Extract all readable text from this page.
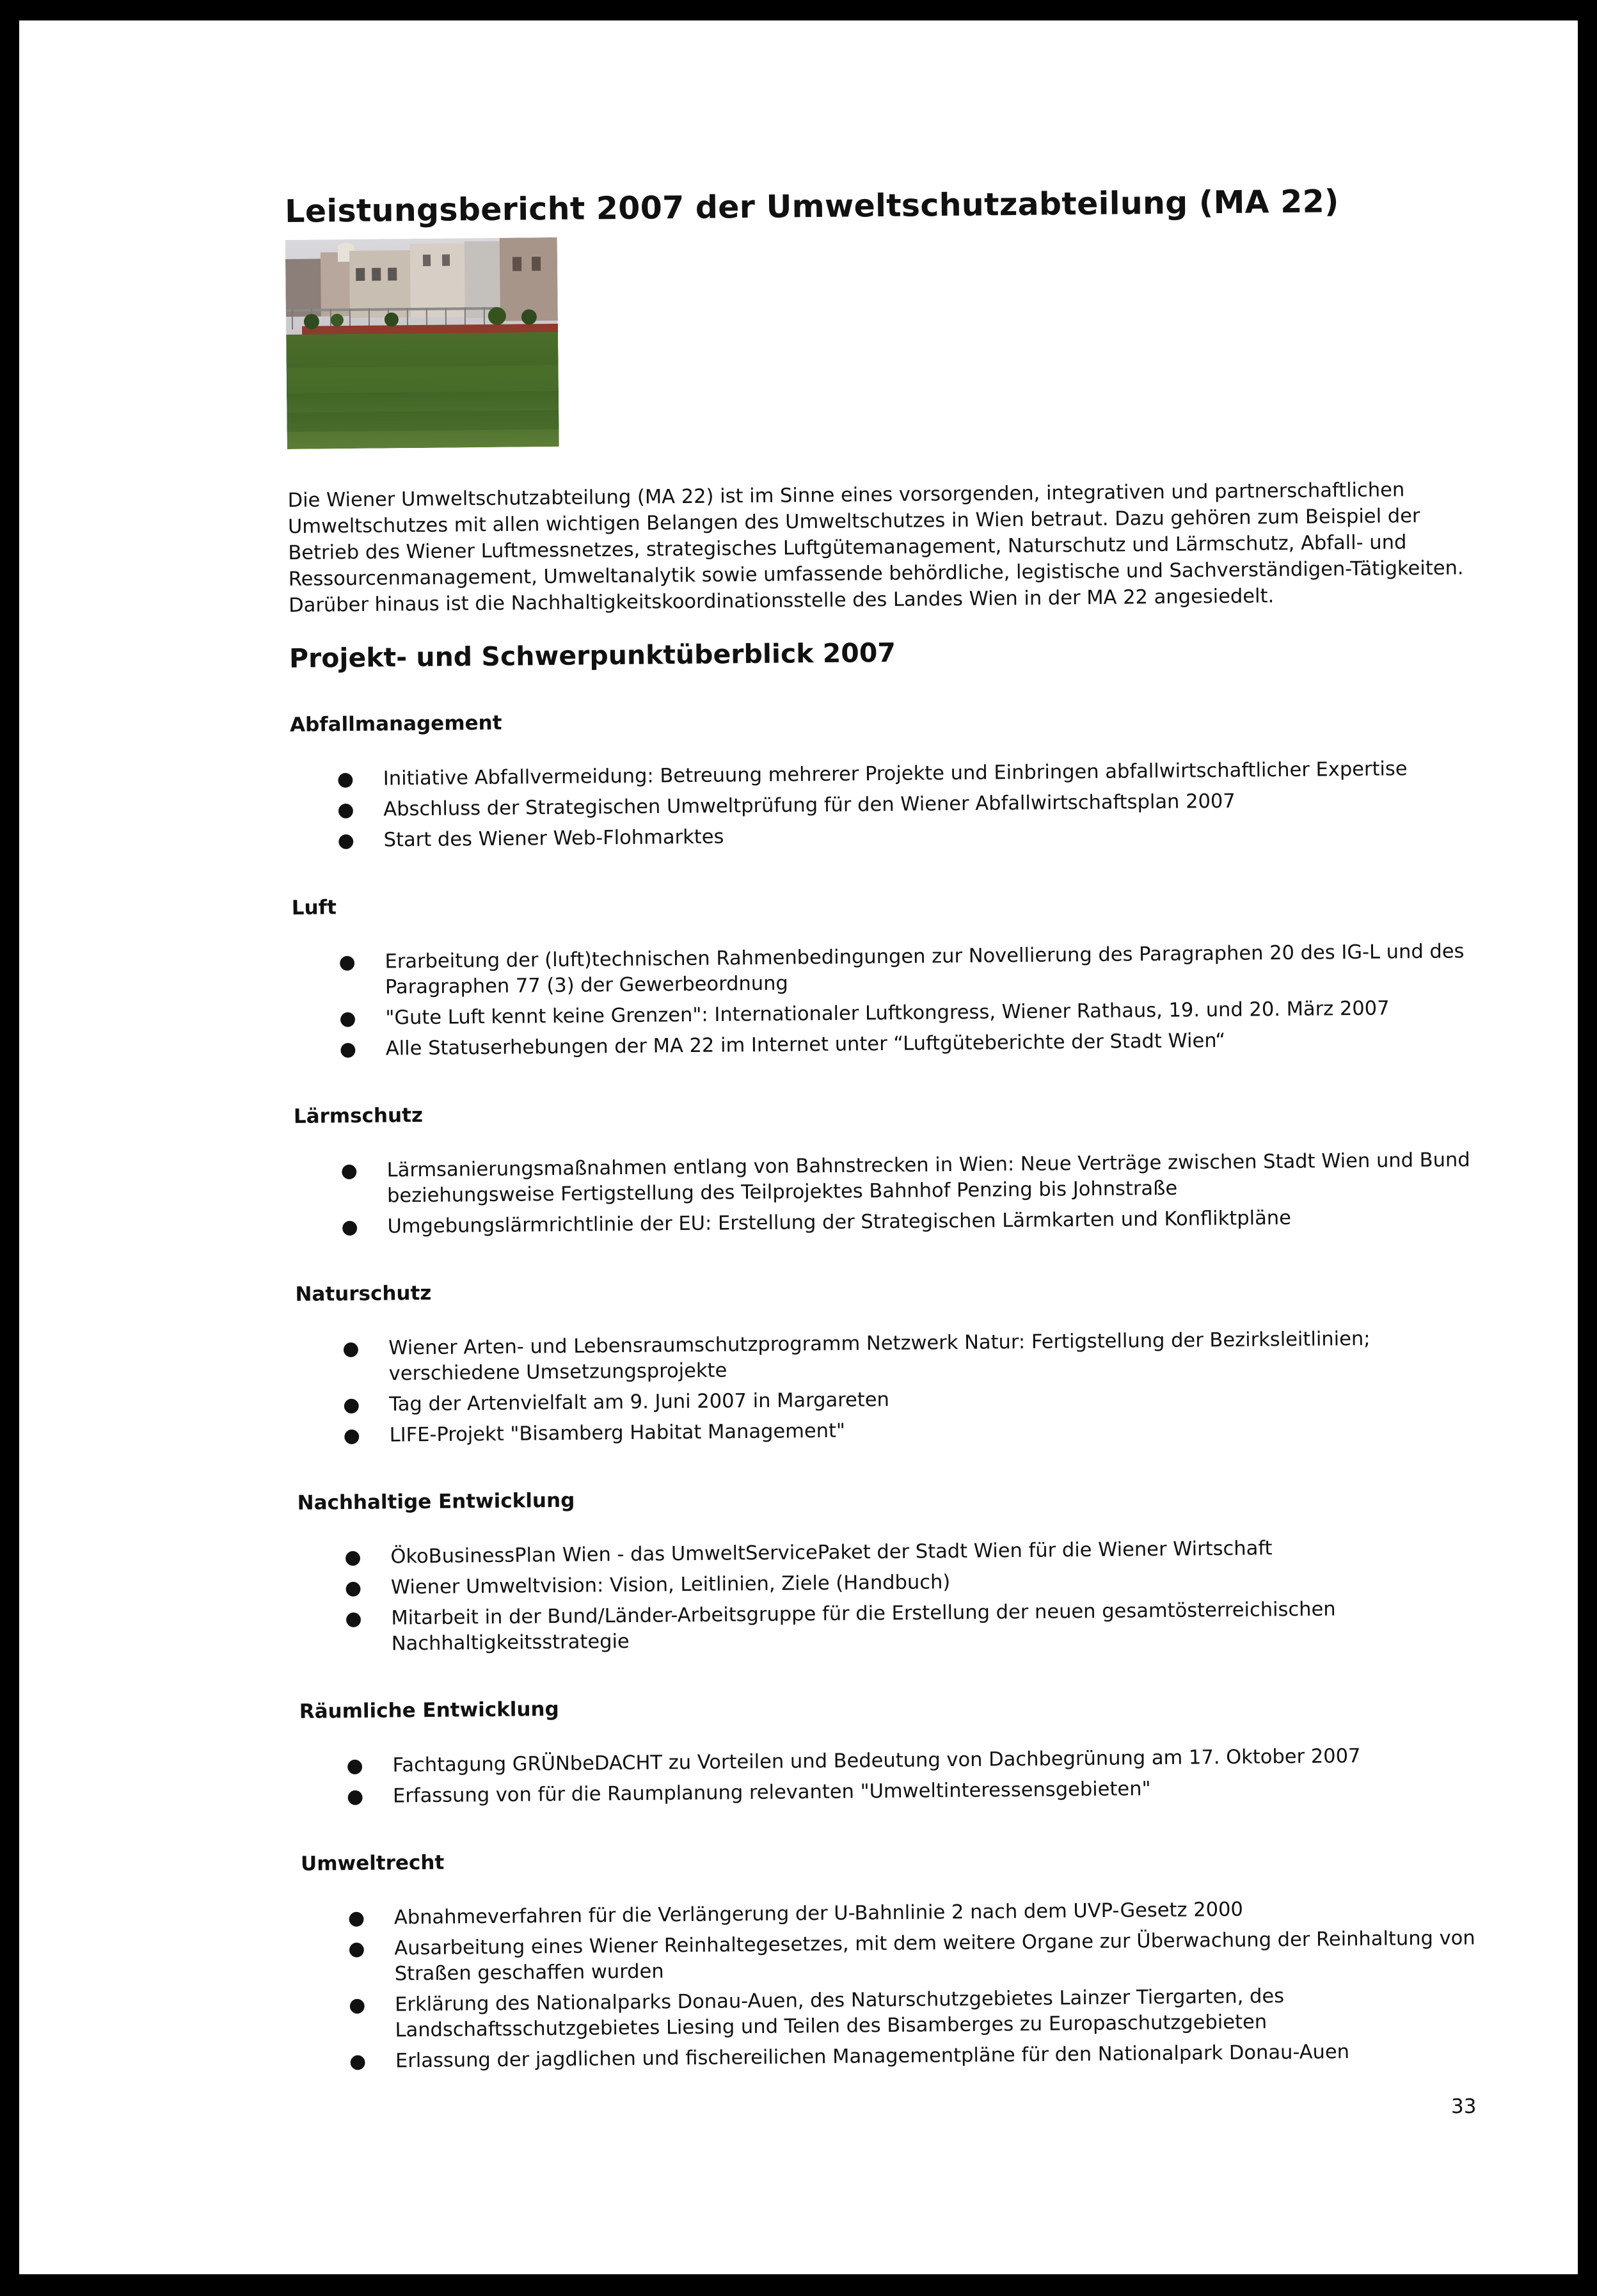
Leistungsbericht 2007 der Umweltschutzabteilung (MA 22)
Die Wiener Umweltschutzabteilung (MA 22) ist im Sinne eines vorsorgenden, integrativen und partnerschaftlichen Umweltschutzes mit allen wichtigen Belangen des Umweltschutzes in Wien betraut. Dazu gehören zum Beispiel der Betrieb des Wiener Luftmessnetzes, strategisches Luftgütemanagement, Naturschutz und Lärmschutz, Abfall- und Ressourcenmanagement, Umweltanalytik sowie umfassende behördliche, legistische und Sachverständigen-Tätigkeiten. Darüber hinaus ist die Nachhaltigkeitskoordinationsstelle des Landes Wien in der MA 22 angesiedelt.
Projekt- und Schwerpunktüberblick 2007
Abfallmanagement
● Initiative Abfallvermeidung: Betreuung mehrerer Projekte und Einbringen abfallwirtschaftlicher Expertise
● Abschluss der Strategischen Umweltprüfung für den Wiener Abfallwirtschaftsplan 2007
● Start des Wiener Web-Flohmarktes
Luft
● Erarbeitung der (luft)technischen Rahmenbedingungen zur Novellierung des Paragraphen 20 des IG-L und des Paragraphen 77 (3) der Gewerbeordnung
● "Gute Luft kennt keine Grenzen": Internationaler Luftkongress, Wiener Rathaus, 19. und 20. März 2007
● Alle Statuserhebungen der MA 22 im Internet unter “Luftgüteberichte der Stadt Wien“
Lärmschutz
● Lärmsanierungsmaßnahmen entlang von Bahnstrecken in Wien: Neue Verträge zwischen Stadt Wien und Bund beziehungsweise Fertigstellung des Teilprojektes Bahnhof Penzing bis Johnstraße
● Umgebungslärmrichtlinie der EU: Erstellung der Strategischen Lärmkarten und Konfliktpläne
Naturschutz
● Wiener Arten- und Lebensraumschutzprogramm Netzwerk Natur: Fertigstellung der Bezirksleitlinien; verschiedene Umsetzungsprojekte
● Tag der Artenvielfalt am 9. Juni 2007 in Margareten
● LIFE-Projekt "Bisamberg Habitat Management"
Nachhaltige Entwicklung
● ÖkoBusinessPlan Wien - das UmweltServicePaket der Stadt Wien für die Wiener Wirtschaft
● Wiener Umweltvision: Vision, Leitlinien, Ziele (Handbuch)
● Mitarbeit in der Bund/Länder-Arbeitsgruppe für die Erstellung der neuen gesamtösterreichischen Nachhaltigkeitsstrategie
Räumliche Entwicklung
● Fachtagung GRÜNbeDACHT zu Vorteilen und Bedeutung von Dachbegrünung am 17. Oktober 2007
● Erfassung von für die Raumplanung relevanten "Umweltinteressensgebieten"
Umweltrecht
● Abnahmeverfahren für die Verlängerung der U-Bahnlinie 2 nach dem UVP-Gesetz 2000
● Ausarbeitung eines Wiener Reinhaltegesetzes, mit dem weitere Organe zur Überwachung der Reinhaltung von Straßen geschaffen wurden
● Erklärung des Nationalparks Donau-Auen, des Naturschutzgebietes Lainzer Tiergarten, des Landschaftsschutzgebietes Liesing und Teilen des Bisamberges zu Europaschutzgebieten
● Erlassung der jagdlichen und fischereilichen Managementpläne für den Nationalpark Donau-Auen
33
